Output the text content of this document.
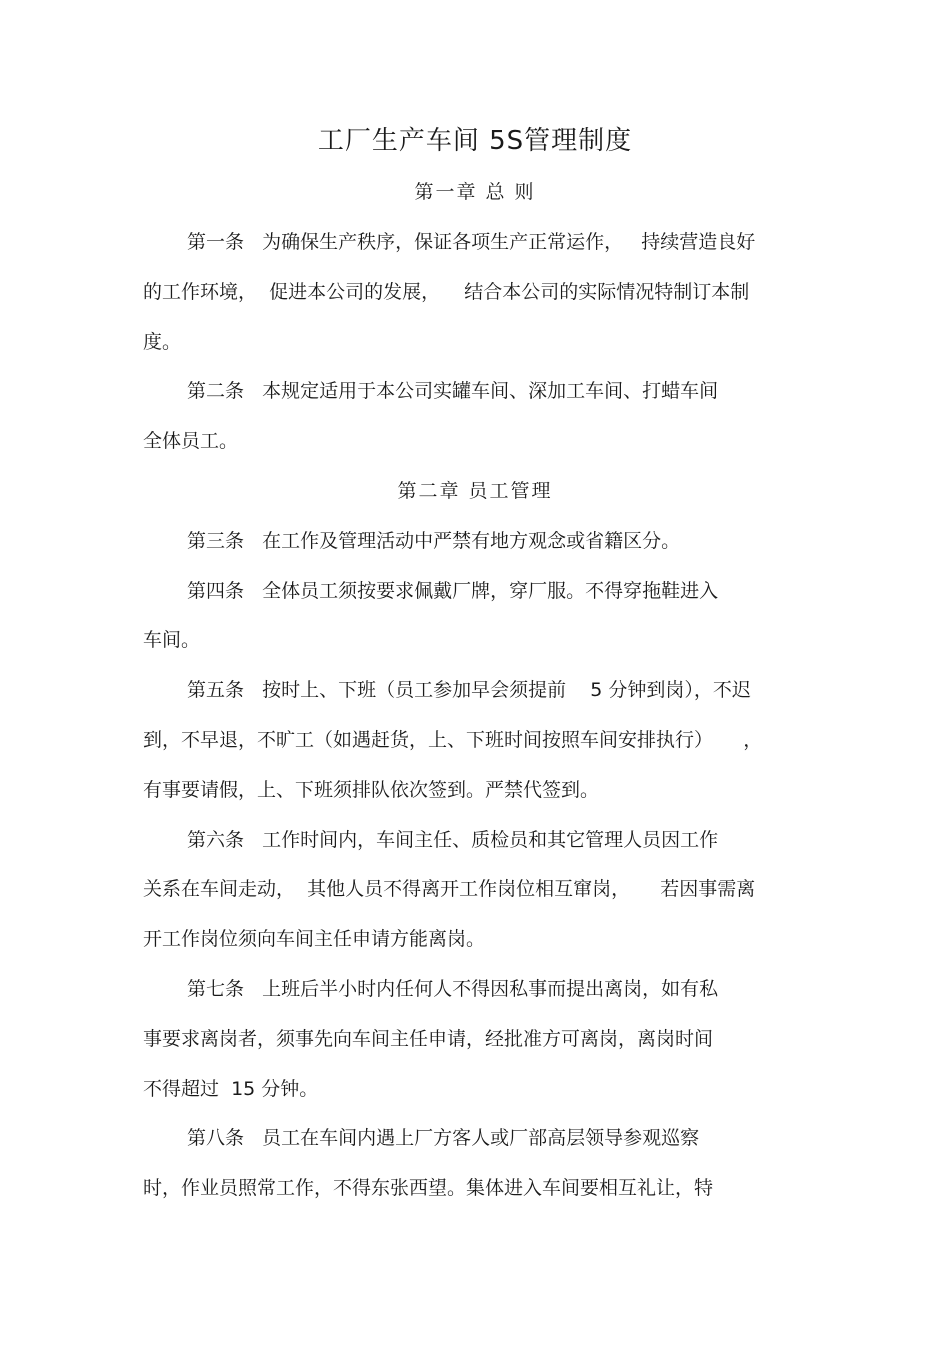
工厂生产车间 5S管理制度
第一章 总 则
第一条   为确保生产秩序，保证各项生产正常运作，   持续营造良好
的工作环境，  促进本公司的发展，    结合本公司的实际情况特制订本制
度。
第二条   本规定适用于本公司实罐车间、深加工车间、打蜡车间
全体员工。
第二章 员工管理
第三条   在工作及管理活动中严禁有地方观念或省籍区分。
第四条   全体员工须按要求佩戴厂牌，穿厂服。不得穿拖鞋进入
车间。
第五条   按时上、下班（员工参加早会须提前    5 分钟到岗），不迟
到，不早退，不旷工（如遇赶货，上、下班时间按照车间安排执行）     ，
有事要请假，上、下班须排队依次签到。严禁代签到。
第六条   工作时间内，车间主任、质检员和其它管理人员因工作
关系在车间走动，  其他人员不得离开工作岗位相互窜岗，     若因事需离
开工作岗位须向车间主任申请方能离岗。
第七条   上班后半小时内任何人不得因私事而提出离岗，如有私
事要求离岗者，须事先向车间主任申请，经批准方可离岗，离岗时间
不得超过  15 分钟。
第八条   员工在车间内遇上厂方客人或厂部高层领导参观巡察
时，作业员照常工作，不得东张西望。集体进入车间要相互礼让，特
